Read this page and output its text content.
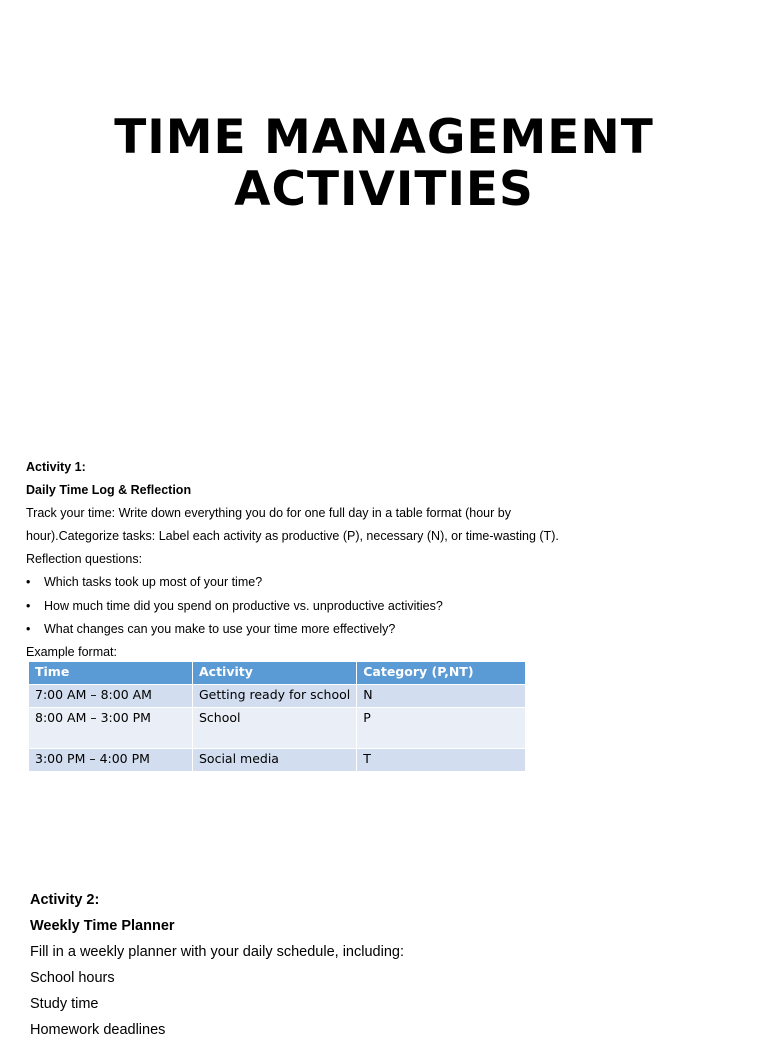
TIME MANAGEMENT
ACTIVITIES
Activity 1:
Daily Time Log & Reflection
Track your time: Write down everything you do for one full day in a table format (hour by
hour).Categorize tasks: Label each activity as productive (P), necessary (N), or time-wasting (T).
Reflection questions:
• Which tasks took up most of your time?
• How much time did you spend on productive vs. unproductive activities?
• What changes can you make to use your time more effectively?
Example format:
Time	Activity	Category (P,NT)
7:00 AM – 8:00 AM	Getting ready for school	N
8:00 AM – 3:00 PM	School	P
3:00 PM – 4:00 PM	Social media	T
Activity 2:
Weekly Time Planner
Fill in a weekly planner with your daily schedule, including:
School hours
Study time
Homework deadlines
